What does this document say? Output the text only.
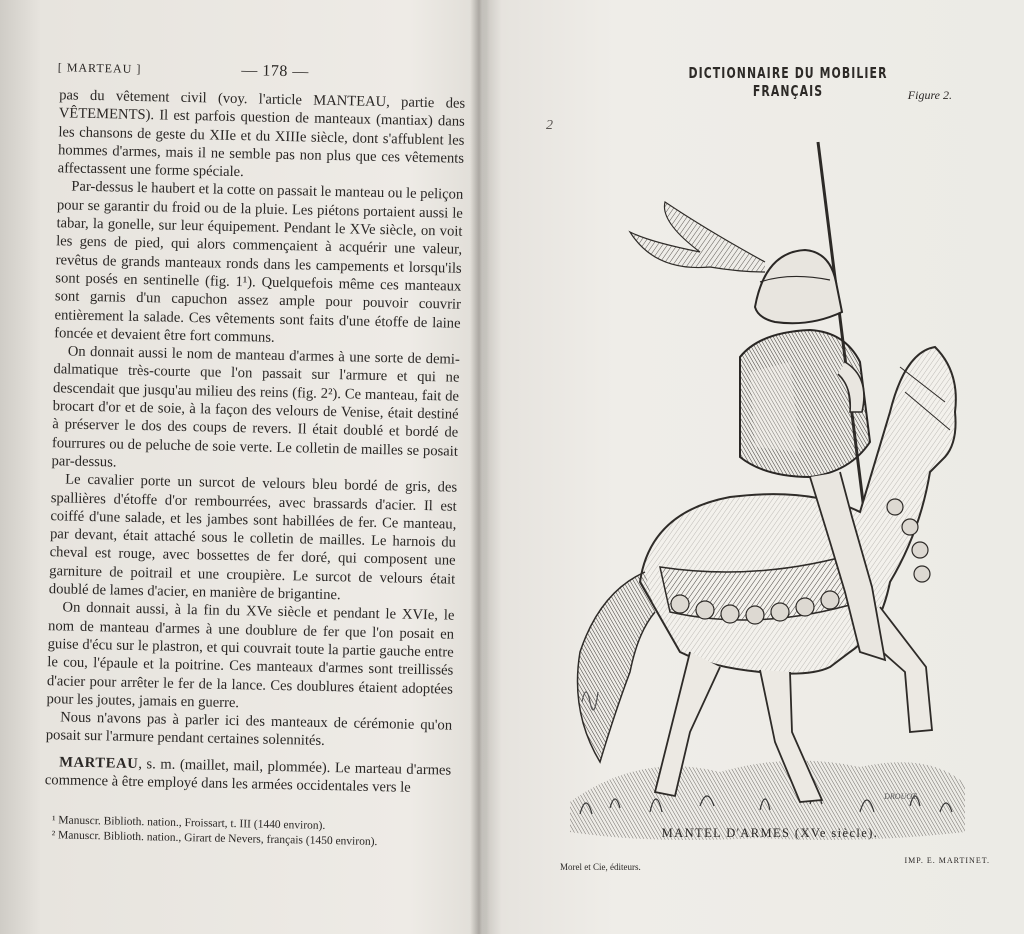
[ MARTEAU ]	— 178 —

pas du vêtement civil (voy. l'article MANTEAU, partie des VÊTEMENTS). Il est parfois question de manteaux (mantiax) dans les chansons de geste du XIIe et du XIIIe siècle, dont s'affublent les hommes d'armes, mais il ne semble pas non plus que ces vêtements affectassent une forme spéciale.

Par-dessus le haubert et la cotte on passait le manteau ou le peliçon pour se garantir du froid ou de la pluie. Les piétons portaient aussi le tabar, la gonelle, sur leur équipement. Pendant le XVe siècle, on voit les gens de pied, qui alors commençaient à acquérir une valeur, revêtus de grands manteaux ronds dans les campements et lorsqu'ils sont posés en sentinelle (fig. 1¹). Quelquefois même ces manteaux sont garnis d'un capuchon assez ample pour pouvoir couvrir entièrement la salade. Ces vêtements sont faits d'une étoffe de laine foncée et devaient être fort communs.

On donnait aussi le nom de manteau d'armes à une sorte de demi-dalmatique très-courte que l'on passait sur l'armure et qui ne descendait que jusqu'au milieu des reins (fig. 2²). Ce manteau, fait de brocart d'or et de soie, à la façon des velours de Venise, était destiné à préserver le dos des coups de revers. Il était doublé et bordé de fourrures ou de peluche de soie verte. Le colletin de mailles se posait par-dessus.

Le cavalier porte un surcot de velours bleu bordé de gris, des spallières d'étoffe d'or rembourrées, avec brassards d'acier. Il est coiffé d'une salade, et les jambes sont habillées de fer. Ce manteau, par devant, était attaché sous le colletin de mailles. Le harnois du cheval est rouge, avec bossettes de fer doré, qui composent une garniture de poitrail et une croupière. Le surcot de velours était doublé de lames d'acier, en manière de brigantine.

On donnait aussi, à la fin du XVe siècle et pendant le XVIe, le nom de manteau d'armes à une doublure de fer que l'on posait en guise d'écu sur le plastron, et qui couvrait toute la partie gauche entre le cou, l'épaule et la poitrine. Ces manteaux d'armes sont treillissés d'acier pour arrêter le fer de la lance. Ces doublures étaient adoptées pour les joutes, jamais en guerre.

Nous n'avons pas à parler ici des manteaux de cérémonie qu'on posait sur l'armure pendant certaines solennités.

MARTEAU, s. m. (maillet, mail, plommée). Le marteau d'armes commence à être employé dans les armées occidentales vers le

¹ Manuscr. Biblioth. nation., Froissart, t. III (1440 environ).
² Manuscr. Biblioth. nation., Girart de Nevers, français (1450 environ).
DICTIONNAIRE DU MOBILIER FRANÇAIS	Figure 2.
2
DROUOT.
MANTEL D'ARMES (XVe siècle).
Morel et Cie, éditeurs.
IMP. E. MARTINET.
